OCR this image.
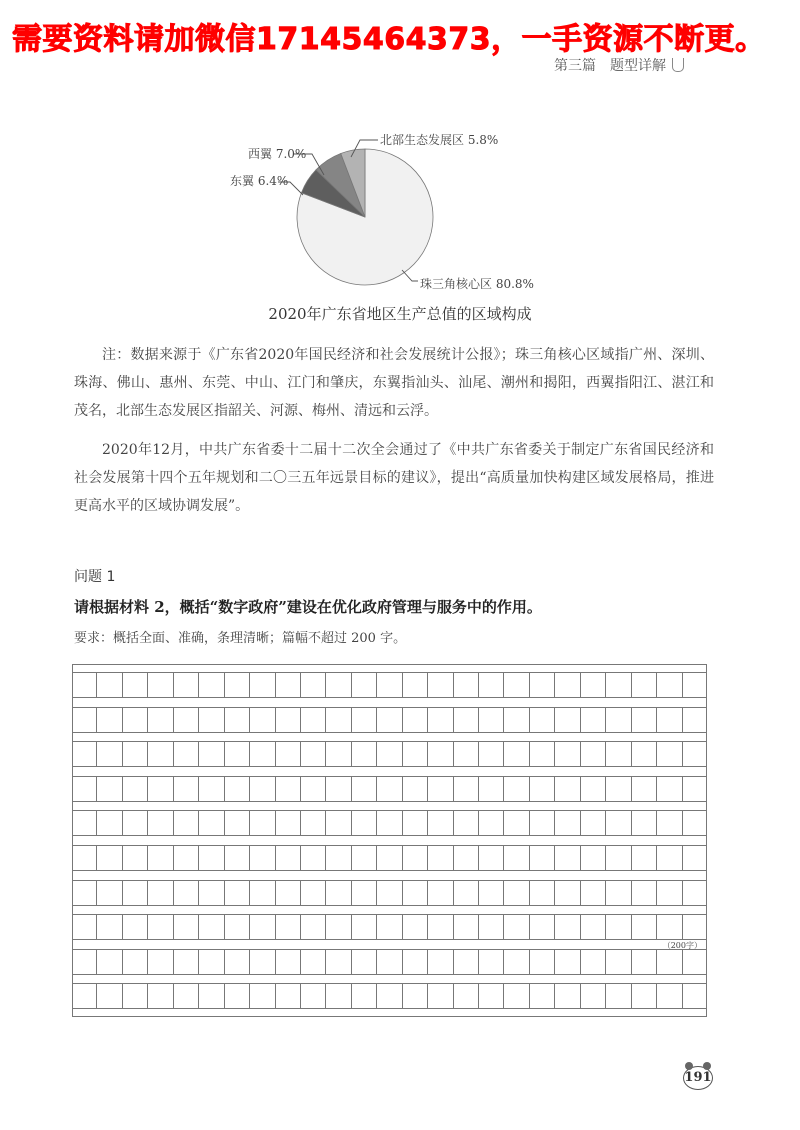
需要资料请加微信17145464373，一手资源不断更。
第三篇 题型详解
北部生态发展区 5.8%
西翼 7.0%
东翼 6.4%
珠三角核心区 80.8%
2020年广东省地区生产总值的区域构成
注：数据来源于《广东省2020年国民经济和社会发展统计公报》；珠三角核心区域指广州、深圳、珠海、佛山、惠州、东莞、中山、江门和肇庆，东翼指汕头、汕尾、潮州和揭阳，西翼指阳江、湛江和茂名，北部生态发展区指韶关、河源、梅州、清远和云浮。
2020年12月，中共广东省委十二届十二次全会通过了《中共广东省委关于制定广东省国民经济和社会发展第十四个五年规划和二〇三五年远景目标的建议》，提出“高质量加快构建区域发展格局，推进更高水平的区域协调发展”。
问题 1
请根据材料 2，概括“数字政府”建设在优化政府管理与服务中的作用。
要求：概括全面、准确，条理清晰；篇幅不超过 200 字。
（200字）
191
